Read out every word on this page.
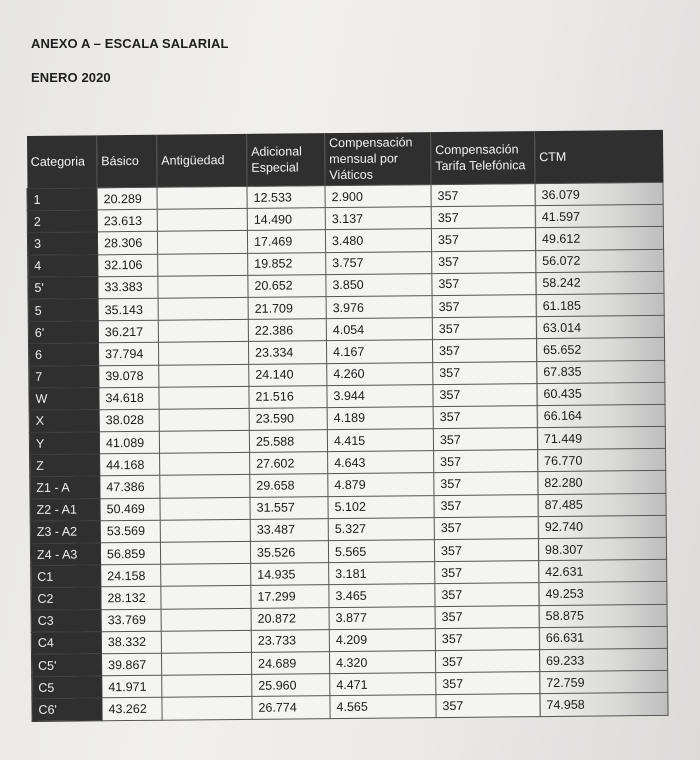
ANEXO A – ESCALA SALARIAL
ENERO 2020
Categoria	Básico	Antigüedad	Adicional Especial	Compensación mensual por Viáticos	Compensación Tarifa Telefónica	CTM
1	20.289		12.533	2.900	357	36.079
2	23.613		14.490	3.137	357	41.597
3	28.306		17.469	3.480	357	49.612
4	32.106		19.852	3.757	357	56.072
5'	33.383		20.652	3.850	357	58.242
5	35.143		21.709	3.976	357	61.185
6'	36.217		22.386	4.054	357	63.014
6	37.794		23.334	4.167	357	65.652
7	39.078		24.140	4.260	357	67.835
W	34.618		21.516	3.944	357	60.435
X	38.028		23.590	4.189	357	66.164
Y	41.089		25.588	4.415	357	71.449
Z	44.168		27.602	4.643	357	76.770
Z1 - A	47.386		29.658	4.879	357	82.280
Z2 - A1	50.469		31.557	5.102	357	87.485
Z3 - A2	53.569		33.487	5.327	357	92.740
Z4 - A3	56.859		35.526	5.565	357	98.307
C1	24.158		14.935	3.181	357	42.631
C2	28.132		17.299	3.465	357	49.253
C3	33.769		20.872	3.877	357	58.875
C4	38.332		23.733	4.209	357	66.631
C5'	39.867		24.689	4.320	357	69.233
C5	41.971		25.960	4.471	357	72.759
C6'	43.262		26.774	4.565	357	74.958
